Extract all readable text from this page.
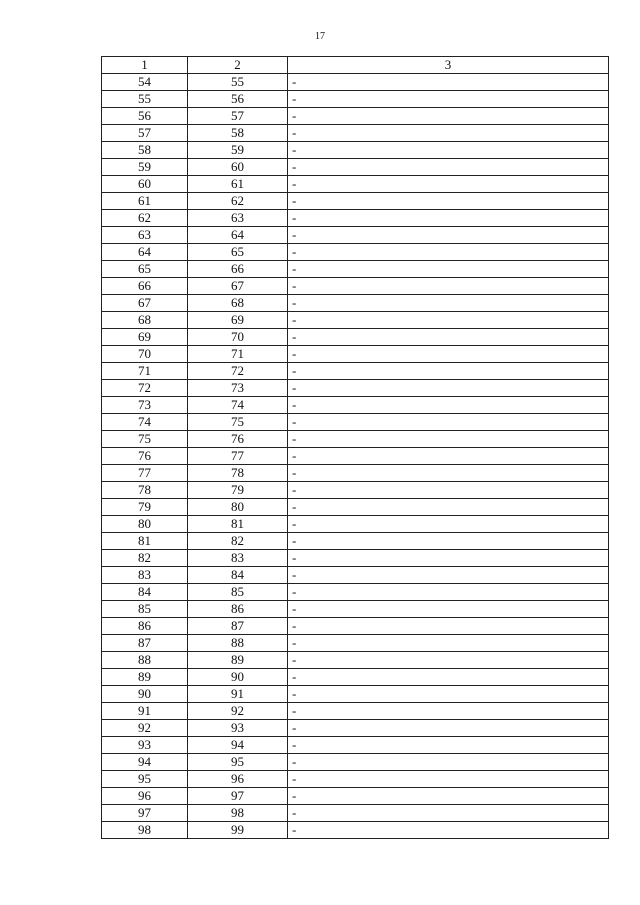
17
1	2	3
54	55	-
55	56	-
56	57	-
57	58	-
58	59	-
59	60	-
60	61	-
61	62	-
62	63	-
63	64	-
64	65	-
65	66	-
66	67	-
67	68	-
68	69	-
69	70	-
70	71	-
71	72	-
72	73	-
73	74	-
74	75	-
75	76	-
76	77	-
77	78	-
78	79	-
79	80	-
80	81	-
81	82	-
82	83	-
83	84	-
84	85	-
85	86	-
86	87	-
87	88	-
88	89	-
89	90	-
90	91	-
91	92	-
92	93	-
93	94	-
94	95	-
95	96	-
96	97	-
97	98	-
98	99	-
